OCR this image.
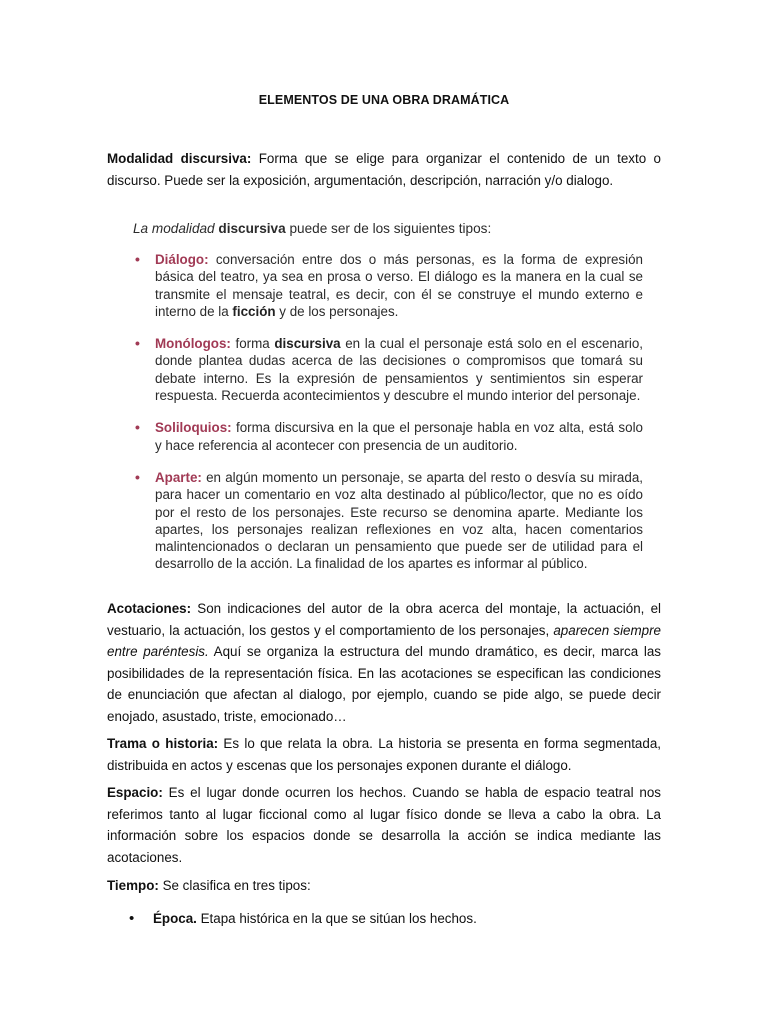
ELEMENTOS DE UNA OBRA DRAMÁTICA

Modalidad discursiva: Forma que se elige para organizar el contenido de un texto o discurso. Puede ser la exposición, argumentación, descripción, narración y/o dialogo.

La modalidad discursiva puede ser de los siguientes tipos:

• Diálogo: conversación entre dos o más personas, es la forma de expresión básica del teatro, ya sea en prosa o verso. El diálogo es la manera en la cual se transmite el mensaje teatral, es decir, con él se construye el mundo externo e interno de la ficción y de los personajes.
• Monólogos: forma discursiva en la cual el personaje está solo en el escenario, donde plantea dudas acerca de las decisiones o compromisos que tomará su debate interno. Es la expresión de pensamientos y sentimientos sin esperar respuesta. Recuerda acontecimientos y descubre el mundo interior del personaje.
• Soliloquios: forma discursiva en la que el personaje habla en voz alta, está solo y hace referencia al acontecer con presencia de un auditorio.
• Aparte: en algún momento un personaje, se aparta del resto o desvía su mirada, para hacer un comentario en voz alta destinado al público/lector, que no es oído por el resto de los personajes. Este recurso se denomina aparte. Mediante los apartes, los personajes realizan reflexiones en voz alta, hacen comentarios malintencionados o declaran un pensamiento que puede ser de utilidad para el desarrollo de la acción. La finalidad de los apartes es informar al público.

Acotaciones: Son indicaciones del autor de la obra acerca del montaje, la actuación, el vestuario, la actuación, los gestos y el comportamiento de los personajes, aparecen siempre entre paréntesis. Aquí se organiza la estructura del mundo dramático, es decir, marca las posibilidades de la representación física. En las acotaciones se especifican las condiciones de enunciación que afectan al dialogo, por ejemplo, cuando se pide algo, se puede decir enojado, asustado, triste, emocionado…

Trama o historia: Es lo que relata la obra. La historia se presenta en forma segmentada, distribuida en actos y escenas que los personajes exponen durante el diálogo.

Espacio: Es el lugar donde ocurren los hechos. Cuando se habla de espacio teatral nos referimos tanto al lugar ficcional como al lugar físico donde se lleva a cabo la obra. La información sobre los espacios donde se desarrolla la acción se indica mediante las acotaciones.

Tiempo: Se clasifica en tres tipos:

•	Época. Etapa histórica en la que se sitúan los hechos.
